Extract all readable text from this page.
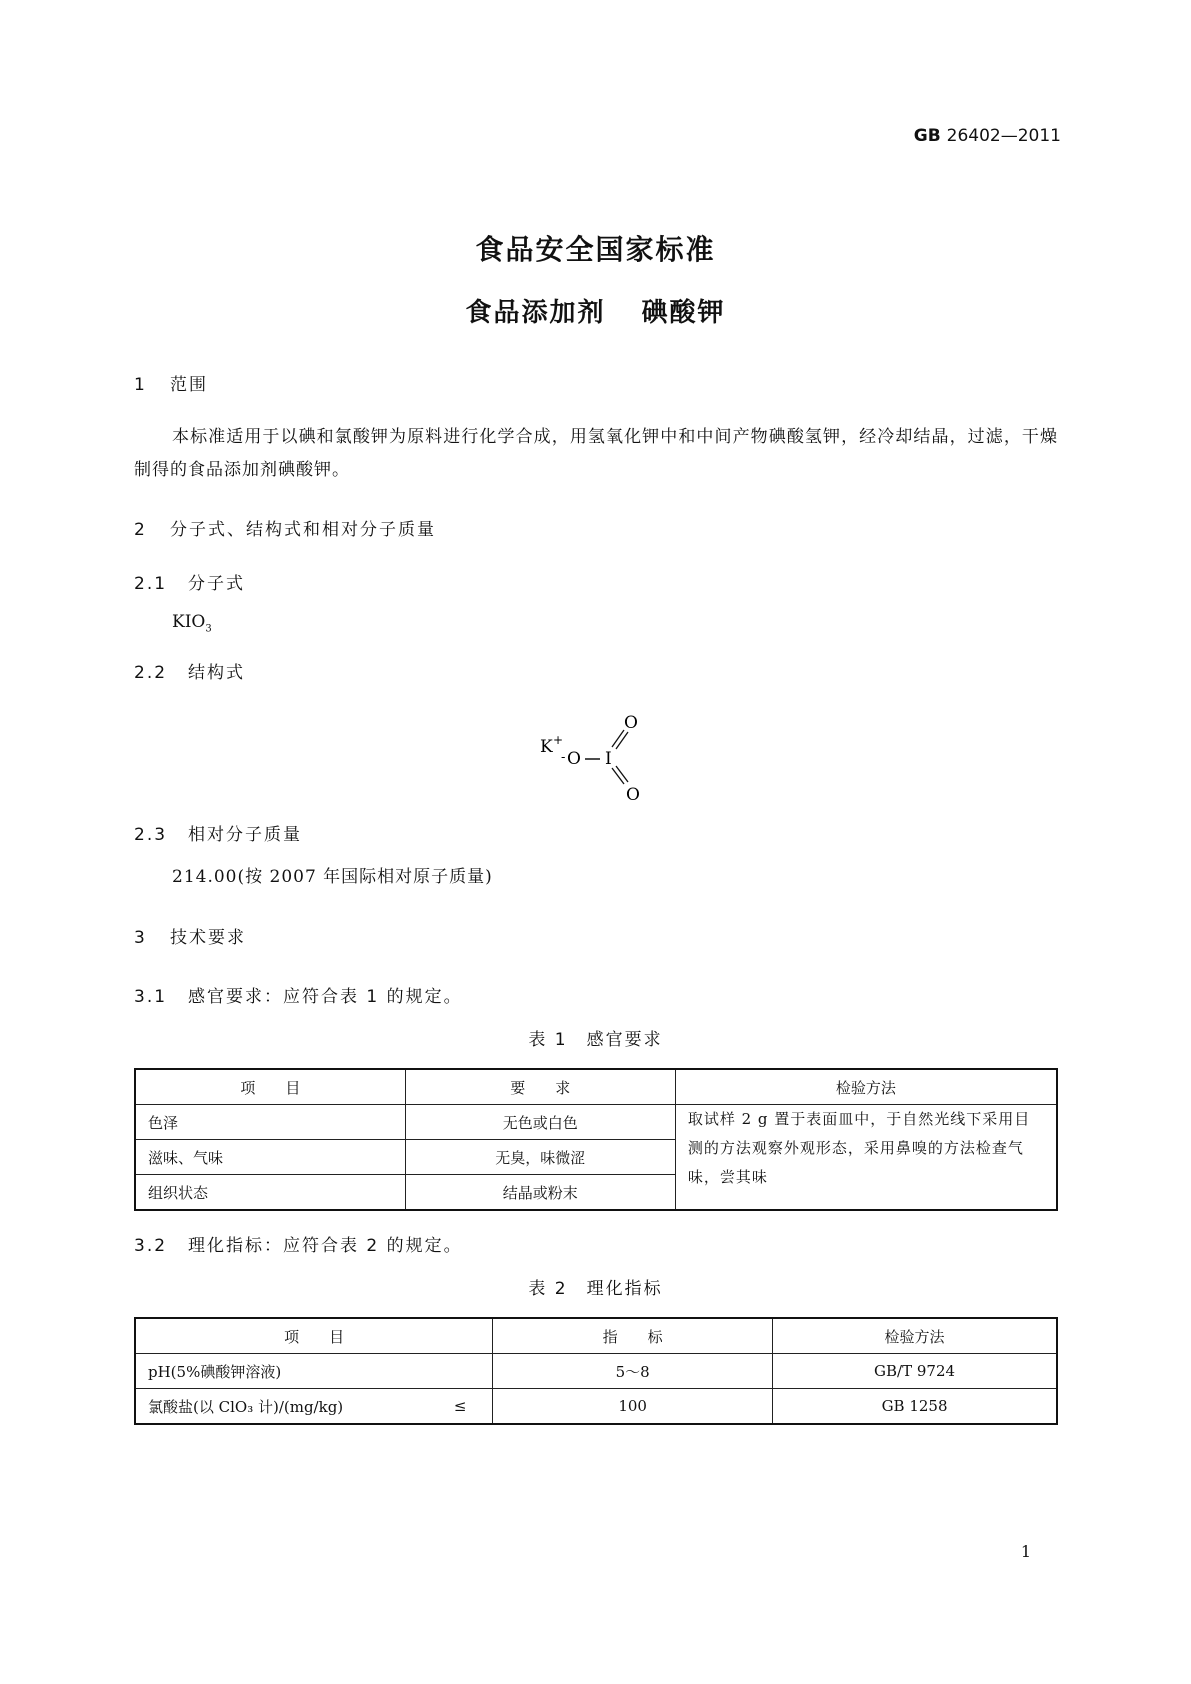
GB 26402—2011
食品安全国家标准
食品添加剂 碘酸钾
1 范围
本标准适用于以碘和氯酸钾为原料进行化学合成，用氢氧化钾中和中间产物碘酸氢钾，经冷却结晶，过滤，干燥制得的食品添加剂碘酸钾。
2 分子式、结构式和相对分子质量
2.1 分子式
$KIO_3$
2.2 结构式
K +
- O I
O
O
2.3 相对分子质量
214.00(按 2007 年国际相对原子质量)
3 技术要求
3.1 感官要求：应符合表 1 的规定。
表 1　感官要求
项　　目	要　　求	检验方法
色泽	无色或白色	取试样 2 g 置于表面皿中，于自然光线下采用目测的方法观察外观形态，采用鼻嗅的方法检查气味，尝其味
滋味、气味	无臭，味微涩	
组织状态	结晶或粉末	
3.2 理化指标：应符合表 2 的规定。
表 2　理化指标
项　　目		指　　标	检验方法
pH(5%碘酸钾溶液)		5～8	GB/T 9724
氯酸盐(以 ClO₃ 计)/(mg/kg)	≤	100	GB 1258
1
